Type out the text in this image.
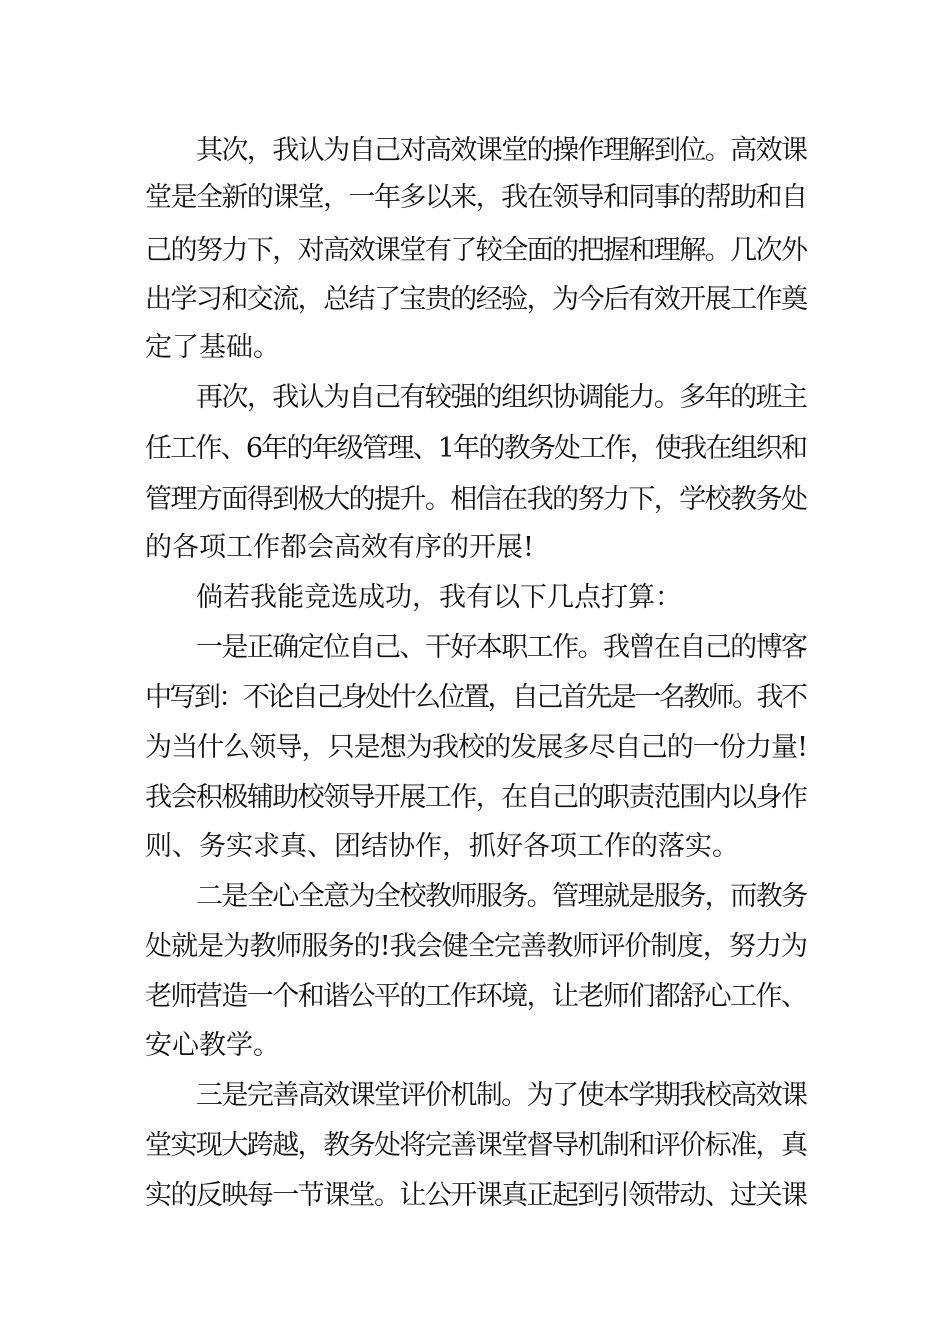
其次，我认为自己对高效课堂的操作理解到位。高效课
堂是全新的课堂，一年多以来，我在领导和同事的帮助和自
己的努力下，对高效课堂有了较全面的把握和理解。几次外
出学习和交流，总结了宝贵的经验，为今后有效开展工作奠
定了基础。
再次，我认为自己有较强的组织协调能力。多年的班主
任工作、6年的年级管理、1年的教务处工作，使我在组织和
管理方面得到极大的提升。相信在我的努力下，学校教务处
的各项工作都会高效有序的开展!
倘若我能竞选成功，我有以下几点打算：
一是正确定位自己、干好本职工作。我曾在自己的博客
中写到：不论自己身处什么位置，自己首先是一名教师。我不
为当什么领导，只是想为我校的发展多尽自己的一份力量!
我会积极辅助校领导开展工作，在自己的职责范围内以身作
则、务实求真、团结协作，抓好各项工作的落实。
二是全心全意为全校教师服务。管理就是服务，而教务
处就是为教师服务的!我会健全完善教师评价制度，努力为
老师营造一个和谐公平的工作环境，让老师们都舒心工作、
安心教学。
三是完善高效课堂评价机制。为了使本学期我校高效课
堂实现大跨越，教务处将完善课堂督导机制和评价标准，真
实的反映每一节课堂。让公开课真正起到引领带动、过关课
